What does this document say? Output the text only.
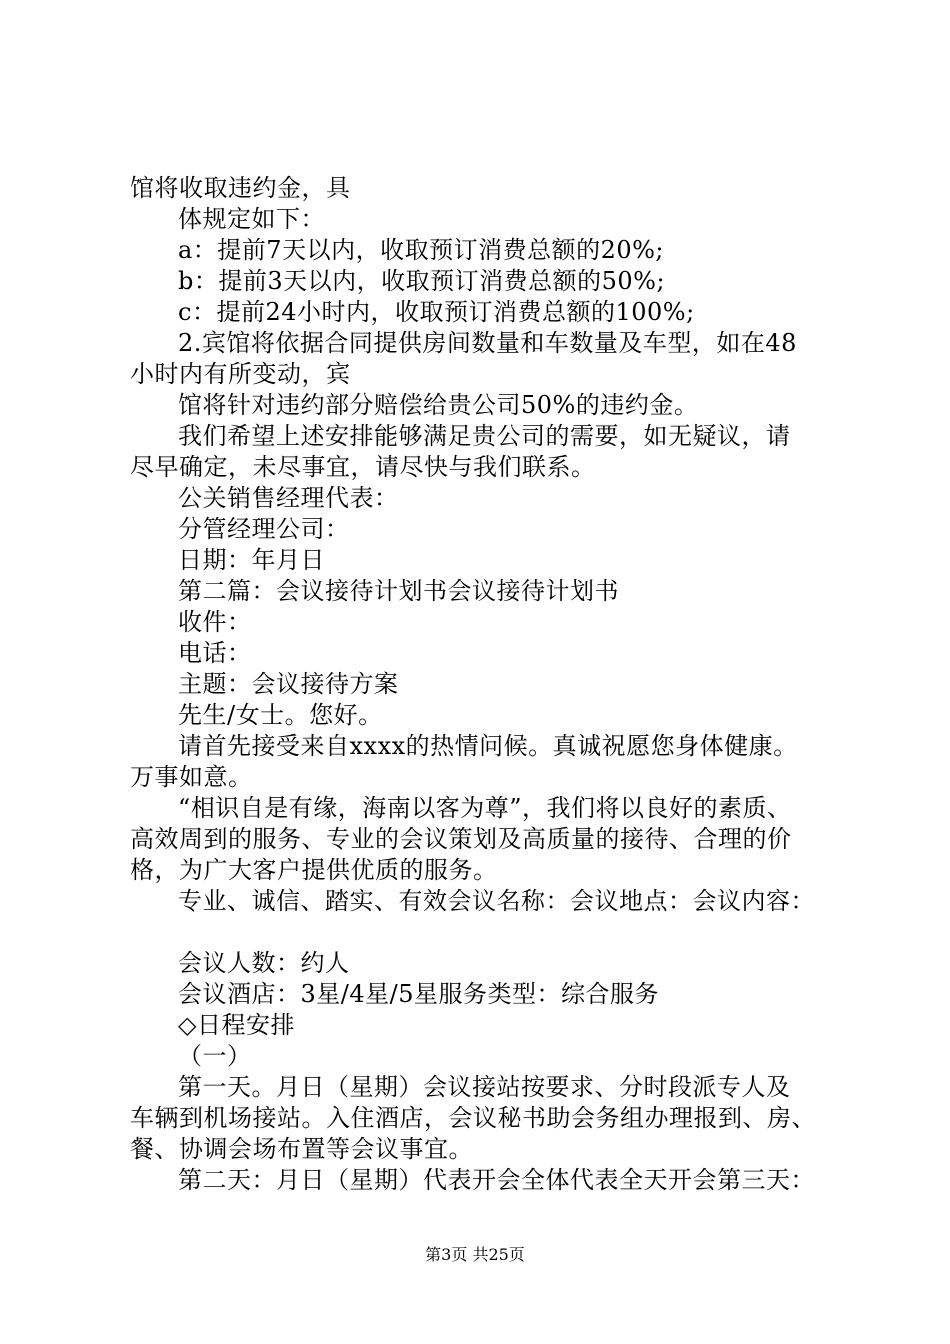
馆将收取违约金，具
体规定如下：
a：提前7天以内，收取预订消费总额的20%;
b：提前3天以内，收取预订消费总额的50%;
c：提前24小时内，收取预订消费总额的100%;
2.宾馆将依据合同提供房间数量和车数量及车型，如在48
小时内有所变动，宾
馆将针对违约部分赔偿给贵公司50%的违约金。
我们希望上述安排能够满足贵公司的需要，如无疑议，请
尽早确定，未尽事宜，请尽快与我们联系。
公关销售经理代表：
分管经理公司：
日期：年月日
第二篇：会议接待计划书会议接待计划书
收件：
电话：
主题：会议接待方案
先生/女士。您好。
请首先接受来自xxxx的热情问候。真诚祝愿您身体健康。
万事如意。
“相识自是有缘，海南以客为尊”，我们将以良好的素质、
高效周到的服务、专业的会议策划及高质量的接待、合理的价
格，为广大客户提供优质的服务。
专业、诚信、踏实、有效会议名称：会议地点：会议内容：
会议人数：约人
会议酒店：3星/4星/5星服务类型：综合服务
◇日程安排
（一）
第一天。月日（星期）会议接站按要求、分时段派专人及
车辆到机场接站。入住酒店，会议秘书助会务组办理报到、房、
餐、协调会场布置等会议事宜。
第二天：月日（星期）代表开会全体代表全天开会第三天：
第3页 共25页
